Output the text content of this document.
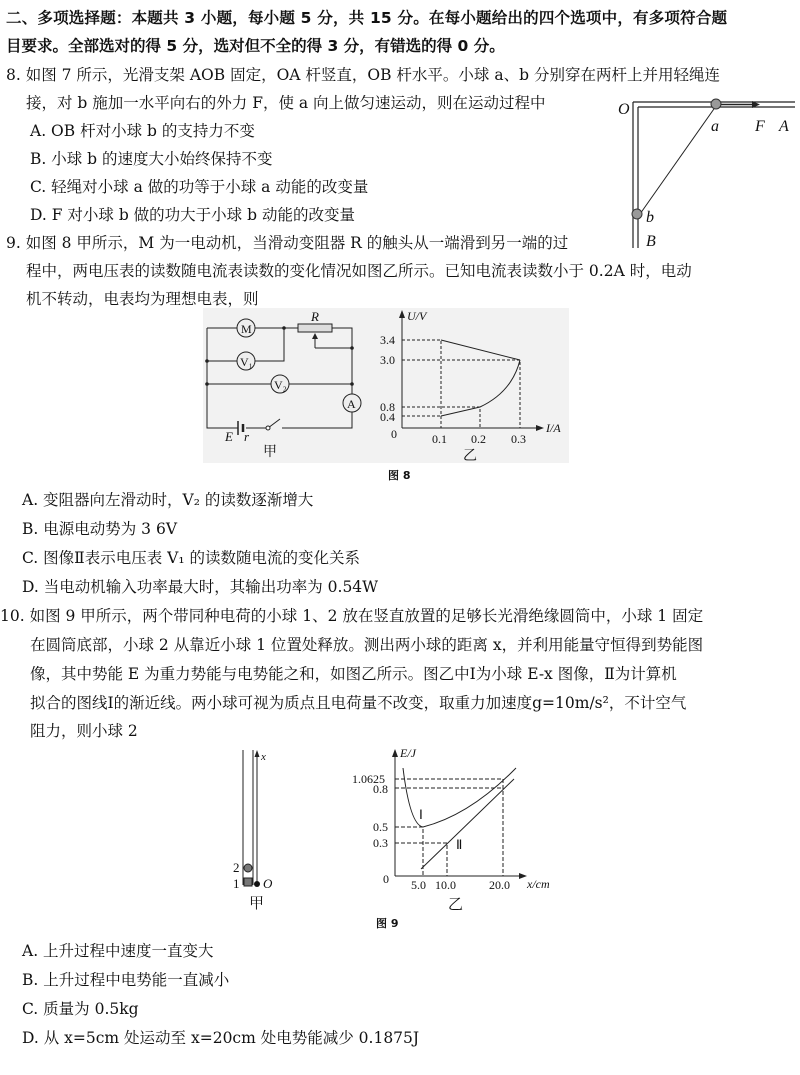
二、多项选择题：本题共 3 小题，每小题 5 分，共 15 分。在每小题给出的四个选项中，有多项符合题
目要求。全部选对的得 5 分，选对但不全的得 3 分，有错选的得 0 分。
8. 如图 7 所示，光滑支架 AOB 固定，OA 杆竖直，OB 杆水平。小球 a、b 分别穿在两杆上并用轻绳连
接，对 b 施加一水平向右的外力 F，使 a 向上做匀速运动，则在运动过程中
A. OB 杆对小球 b 的支持力不变
B. 小球 b 的速度大小始终保持不变
C. 轻绳对小球 a 做的功等于小球 a 动能的改变量
D. F 对小球 b 做的功大于小球 b 动能的改变量
O
a F A
b
B
9. 如图 8 甲所示，M 为一电动机，当滑动变阻器 R 的触头从一端滑到另一端的过
程中，两电压表的读数随电流表读数的变化情况如图乙所示。已知电流表读数小于 0.2A 时，电动
机不转动，电表均为理想电表，则
M
V₁
V₂
A
R
E r
甲
U/V
I/A
0
3.4
3.0
0.8
0.4
0.1 0.2 0.3
乙
图 8
A. 变阻器向左滑动时，V₂ 的读数逐渐增大
B. 电源电动势为 3 6V
C. 图像Ⅱ表示电压表 V₁ 的读数随电流的变化关系
D. 当电动机输入功率最大时，其输出功率为 0.54W
10. 如图 9 甲所示，两个带同种电荷的小球 1、2 放在竖直放置的足够长光滑绝缘圆筒中，小球 1 固定
在圆筒底部，小球 2 从靠近小球 1 位置处释放。测出两小球的距离 x，并利用能量守恒得到势能图
像，其中势能 E 为重力势能与电势能之和，如图乙所示。图乙中Ⅰ为小球 E-x 图像，Ⅱ为计算机
拟合的图线Ⅰ的渐近线。两小球可视为质点且电荷量不改变，取重力加速度g=10m/s²，不计空气
阻力，则小球 2
x
2
1 O
甲
E/J
x/cm
0
1.0625
0.8
0.5
0.3
5.0 10.0	20.0
Ⅰ
Ⅱ
乙
图 9
A. 上升过程中速度一直变大
B. 上升过程中电势能一直减小
C. 质量为 0.5kg
D. 从 x=5cm 处运动至 x=20cm 处电势能减少 0.1875J
